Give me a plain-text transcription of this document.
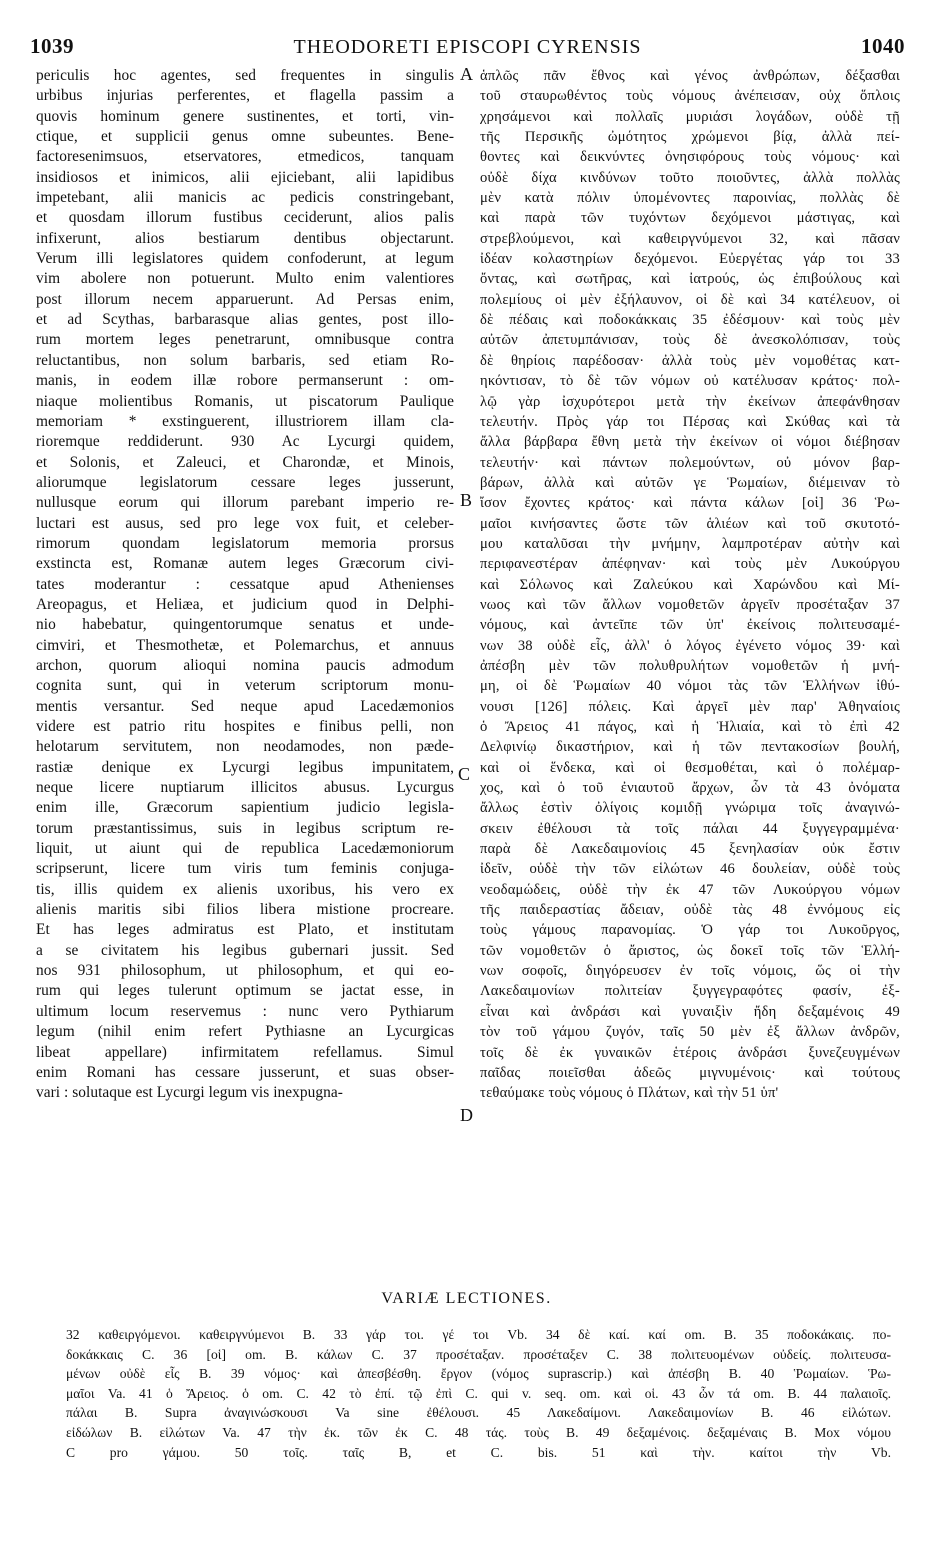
1039	THEODORETI EPISCOPI CYRENSIS	1040
periculis hoc agentes, sed frequentes in singulis
urbibus injurias perferentes, et flagella passim a
quovis hominum genere sustinentes, et torti, vin-
ctique, et supplicii genus omne subeuntes. Bene-
factoresenimsuos, etservatores, etmedicos, tanquam
insidiosos et inimicos, alii ejiciebant, alii lapidibus
impetebant, alii manicis ac pedicis constringebant,
et quosdam illorum fustibus ceciderunt, alios palis
infixerunt, alios bestiarum dentibus objectarunt.
Verum illi legislatores quidem confoderunt, at legum
vim abolere non potuerunt. Multo enim valentiores
post illorum necem apparuerunt. Ad Persas enim,
et ad Scythas, barbarasque alias gentes, post illo-
rum mortem leges penetrarunt, omnibusque contra
reluctantibus, non solum barbaris, sed etiam Ro-
manis, in eodem illæ robore permanserunt : om-
niaque molientibus Romanis, ut piscatorum Paulique
memoriam * exstinguerent, illustriorem illam cla-
rioremque reddiderunt. 930 Ac Lycurgi quidem,
et Solonis, et Zaleuci, et Charondæ, et Minois,
aliorumque legislatorum cessare leges jusserunt,
nullusque eorum qui illorum parebant imperio re-
luctari est ausus, sed pro lege vox fuit, et celeber-
rimorum quondam legislatorum memoria prorsus
exstincta est, Romanæ autem leges Græcorum civi-
tates moderantur : cessatque apud Athenienses
Areopagus, et Heliæa, et judicium quod in Delphi-
nio habebatur, quingentorumque senatus et unde-
cimviri, et Thesmothetæ, et Polemarchus, et annuus
archon, quorum alioqui nomina paucis admodum
cognita sunt, qui in veterum scriptorum monu-
mentis versantur. Sed neque apud Lacedæmonios
videre est patrio ritu hospites e finibus pelli, non
helotarum servitutem, non neodamodes, non pæde-
rastiæ denique ex Lycurgi legibus impunitatem,
neque licere nuptiarum illicitos abusus. Lycurgus
enim ille, Græcorum sapientium judicio legisla-
torum præstantissimus, suis in legibus scriptum re-
liquit, ut aiunt qui de republica Lacedæmoniorum
scripserunt, licere tum viris tum feminis conjuga-
tis, illis quidem ex alienis uxoribus, his vero ex
alienis maritis sibi filios libera mistione procreare.
Et has leges admiratus est Plato, et institutam
a se civitatem his legibus gubernari jussit. Sed
nos 931 philosophum, ut philosophum, et qui eo-
rum qui leges tulerunt optimum se jactat esse, in
ultimum locum reservemus : nunc vero Pythiarum
legum (nihil enim refert Pythiasne an Lycurgicas
libeat appellare) infirmitatem refellamus. Simul
enim Romani has cessare jusserunt, et suas obser-
vari : solutaque est Lycurgi legum vis inexpugna-
ἁπλῶς πᾶν ἔθνος καὶ γένος ἀνθρώπων, δέξασθαι
τοῦ σταυρωθέντος τοὺς νόμους ἀνέπεισαν, οὐχ ὅπλοις
χρησάμενοι καὶ πολλαῖς μυριάσι λογάδων, οὐδὲ τῇ
τῆς Περσικῆς ὠμότητος χρώμενοι βίᾳ, ἀλλὰ πεί-
θοντες καὶ δεικνύντες ὀνησιφόρους τοὺς νόμους· καὶ
οὐδὲ δίχα κινδύνων τοῦτο ποιοῦντες, ἀλλὰ πολλὰς
μὲν κατὰ πόλιν ὑπομένοντες παροινίας, πολλὰς δὲ
καὶ παρὰ τῶν τυχόντων δεχόμενοι μάστιγας, καὶ
στρεβλούμενοι, καὶ καθειργνύμενοι 32, καὶ πᾶσαν
ἰδέαν κολαστηρίων δεχόμενοι. Εὐεργέτας γάρ τοι 33
ὄντας, καὶ σωτῆρας, καὶ ἰατρούς, ὡς ἐπιβούλους καὶ
πολεμίους οἱ μὲν ἐξήλαυνον, οἱ δὲ καὶ 34 κατέλευον, οἱ
δὲ πέδαις καὶ ποδοκάκκαις 35 ἐδέσμουν· καὶ τοὺς μὲν
αὐτῶν ἀπετυμπάνισαν, τοὺς δὲ ἀνεσκολόπισαν, τοὺς
δὲ θηρίοις παρέδοσαν· ἀλλὰ τοὺς μὲν νομοθέτας κατ-
ηκόντισαν, τὸ δὲ τῶν νόμων οὐ κατέλυσαν κράτος· πολ-
λῷ γὰρ ἰσχυρότεροι μετὰ τὴν ἐκείνων ἀπεφάνθησαν
τελευτήν. Πρὸς γάρ τοι Πέρσας καὶ Σκύθας καὶ τὰ
ἄλλα βάρβαρα ἔθνη μετὰ τὴν ἐκείνων οἱ νόμοι διέβησαν
τελευτήν· καὶ πάντων πολεμούντων, οὐ μόνον βαρ-
βάρων, ἀλλὰ καὶ αὐτῶν γε Ῥωμαίων, διέμειναν τὸ
ἴσον ἔχοντες κράτος· καὶ πάντα κάλων [οἱ] 36 Ῥω-
μαῖοι κινήσαντες ὥστε τῶν ἁλιέων καὶ τοῦ σκυτοτό-
μου καταλῦσαι τὴν μνήμην, λαμπροτέραν αὐτὴν καὶ
περιφανεστέραν ἀπέφηναν· καὶ τοὺς μὲν Λυκούργου
καὶ Σόλωνος καὶ Ζαλεύκου καὶ Χαρώνδου καὶ Μί-
νωος καὶ τῶν ἄλλων νομοθετῶν ἀργεῖν προσέταξαν 37
νόμους, καὶ ἀντεῖπε τῶν ὑπ' ἐκείνοις πολιτευσαμέ-
νων 38 οὐδὲ εἷς, ἀλλ' ὁ λόγος ἐγένετο νόμος 39· καὶ
ἀπέσβη μὲν τῶν πολυθρυλήτων νομοθετῶν ἡ μνή-
μη, οἱ δὲ Ῥωμαίων 40 νόμοι τὰς τῶν Ἑλλήνων ἰθύ-
νουσι [126] πόλεις. Καὶ ἀργεῖ μὲν παρ' Ἀθηναίοις
ὁ Ἄρειος 41 πάγος, καὶ ἡ Ἡλιαία, καὶ τὸ ἐπὶ 42
Δελφινίῳ δικαστήριον, καὶ ἡ τῶν πεντακοσίων βουλή,
καὶ οἱ ἕνδεκα, καὶ οἱ θεσμοθέται, καὶ ὁ πολέμαρ-
χος, καὶ ὁ τοῦ ἐνιαυτοῦ ἄρχων, ὧν τὰ 43 ὀνόματα
ἄλλως ἐστὶν ὀλίγοις κομιδῇ γνώριμα τοῖς ἀναγινώ-
σκειν ἐθέλουσι τὰ τοῖς πάλαι 44 ξυγγεγραμμένα·
παρὰ δὲ Λακεδαιμονίοις 45 ξενηλασίαν οὐκ ἔστιν
ἰδεῖν, οὐδὲ τὴν τῶν εἱλώτων 46 δουλείαν, οὐδὲ τοὺς
νεοδαμώδεις, οὐδὲ τὴν ἐκ 47 τῶν Λυκούργου νόμων
τῆς παιδεραστίας ἄδειαν, οὐδὲ τὰς 48 ἐννόμους εἰς
τοὺς γάμους παρανομίας. Ὁ γάρ τοι Λυκοῦργος,
τῶν νομοθετῶν ὁ ἄριστος, ὡς δοκεῖ τοῖς τῶν Ἑλλή-
νων σοφοῖς, διηγόρευσεν ἐν τοῖς νόμοις, ὥς οἱ τὴν
Λακεδαιμονίων πολιτείαν ξυγγεγραφότες φασίν, ἐξ-
εἶναι καὶ ἀνδράσι καὶ γυναιξὶν ἤδη δεξαμένοις 49
τὸν τοῦ γάμου ζυγόν, ταῖς 50 μὲν ἐξ ἄλλων ἀνδρῶν,
τοῖς δὲ ἐκ γυναικῶν ἑτέροις ἀνδράσι ξυνεζευγμένων
παῖδας ποιεῖσθαι ἀδεῶς μιγνυμένοις· καὶ τούτους
τεθαύμακε τοὺς νόμους ὁ Πλάτων, καὶ τὴν 51 ὑπ'
A
B
C
D
VARIÆ LECTIONES.
32 καθειργόμενοι. καθειργνύμενοι B. 33 γάρ τοι. γέ τοι Vb. 34 δὲ καί. καί om. B. 35 ποδοκάκαις. πο-
δοκάκκαις C. 36 [οἱ] om. B. κάλων C. 37 προσέταξαν. προσέταξεν C. 38 πολιτευομένων οὐδείς. πολιτευσα-
μένων οὐδὲ εἷς B. 39 νόμος· καὶ ἀπεσβέσθη. ἔργον (νόμος suprascrip.) καὶ ἀπέσβη B. 40 Ῥωμαίων. Ῥω-
μαῖοι Va. 41 ὁ Ἄρειος. ὁ om. C. 42 τὸ ἐπί. τῷ ἐπὶ C. qui v. seq. om. καὶ οἱ. 43 ὧν τά om. B. 44 παλαιοῖς.
πάλαι B. Supra ἀναγινώσκουσι Va sine ἐθέλουσι. 45 Λακεδαίμονι. Λακεδαιμονίων B. 46 εἱλώτων.
εἰδώλων B. εἱλώτων Va. 47 τὴν ἐκ. τῶν ἐκ C. 48 τάς. τοὺς B. 49 δεξαμένοις. δεξαμέναις B. Mox νόμου
C pro γάμου. 50 τοῖς. ταῖς B, et C. bis. 51 καὶ τὴν. καίτοι τὴν Vb.
